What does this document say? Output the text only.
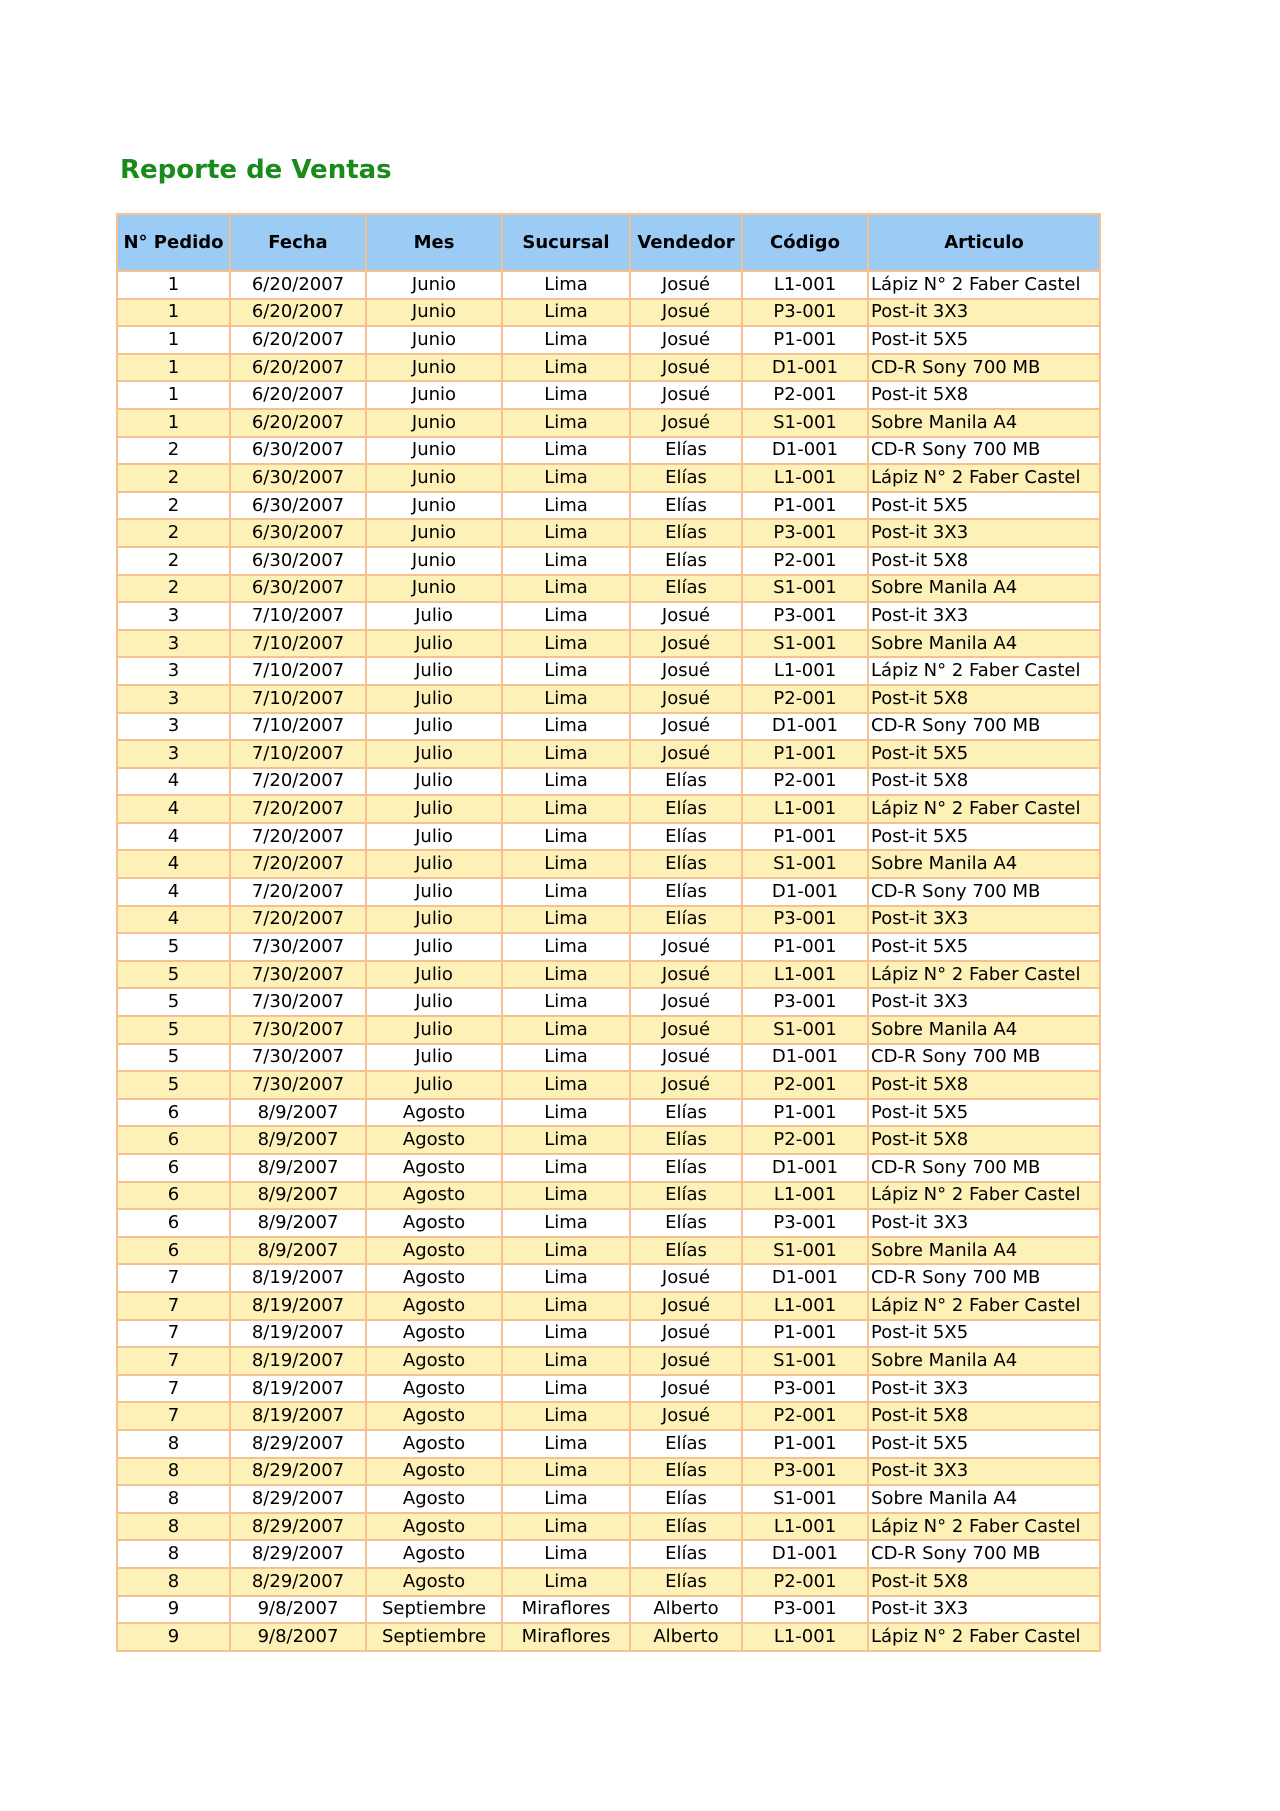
Reporte de Ventas
N° Pedido	Fecha	Mes	Sucursal	Vendedor	Código	Articulo
1	6/20/2007	Junio	Lima	Josué	L1-001	Lápiz N° 2 Faber Castel
1	6/20/2007	Junio	Lima	Josué	P3-001	Post-it 3X3
1	6/20/2007	Junio	Lima	Josué	P1-001	Post-it 5X5
1	6/20/2007	Junio	Lima	Josué	D1-001	CD-R Sony 700 MB
1	6/20/2007	Junio	Lima	Josué	P2-001	Post-it 5X8
1	6/20/2007	Junio	Lima	Josué	S1-001	Sobre Manila A4
2	6/30/2007	Junio	Lima	Elías	D1-001	CD-R Sony 700 MB
2	6/30/2007	Junio	Lima	Elías	L1-001	Lápiz N° 2 Faber Castel
2	6/30/2007	Junio	Lima	Elías	P1-001	Post-it 5X5
2	6/30/2007	Junio	Lima	Elías	P3-001	Post-it 3X3
2	6/30/2007	Junio	Lima	Elías	P2-001	Post-it 5X8
2	6/30/2007	Junio	Lima	Elías	S1-001	Sobre Manila A4
3	7/10/2007	Julio	Lima	Josué	P3-001	Post-it 3X3
3	7/10/2007	Julio	Lima	Josué	S1-001	Sobre Manila A4
3	7/10/2007	Julio	Lima	Josué	L1-001	Lápiz N° 2 Faber Castel
3	7/10/2007	Julio	Lima	Josué	P2-001	Post-it 5X8
3	7/10/2007	Julio	Lima	Josué	D1-001	CD-R Sony 700 MB
3	7/10/2007	Julio	Lima	Josué	P1-001	Post-it 5X5
4	7/20/2007	Julio	Lima	Elías	P2-001	Post-it 5X8
4	7/20/2007	Julio	Lima	Elías	L1-001	Lápiz N° 2 Faber Castel
4	7/20/2007	Julio	Lima	Elías	P1-001	Post-it 5X5
4	7/20/2007	Julio	Lima	Elías	S1-001	Sobre Manila A4
4	7/20/2007	Julio	Lima	Elías	D1-001	CD-R Sony 700 MB
4	7/20/2007	Julio	Lima	Elías	P3-001	Post-it 3X3
5	7/30/2007	Julio	Lima	Josué	P1-001	Post-it 5X5
5	7/30/2007	Julio	Lima	Josué	L1-001	Lápiz N° 2 Faber Castel
5	7/30/2007	Julio	Lima	Josué	P3-001	Post-it 3X3
5	7/30/2007	Julio	Lima	Josué	S1-001	Sobre Manila A4
5	7/30/2007	Julio	Lima	Josué	D1-001	CD-R Sony 700 MB
5	7/30/2007	Julio	Lima	Josué	P2-001	Post-it 5X8
6	8/9/2007	Agosto	Lima	Elías	P1-001	Post-it 5X5
6	8/9/2007	Agosto	Lima	Elías	P2-001	Post-it 5X8
6	8/9/2007	Agosto	Lima	Elías	D1-001	CD-R Sony 700 MB
6	8/9/2007	Agosto	Lima	Elías	L1-001	Lápiz N° 2 Faber Castel
6	8/9/2007	Agosto	Lima	Elías	P3-001	Post-it 3X3
6	8/9/2007	Agosto	Lima	Elías	S1-001	Sobre Manila A4
7	8/19/2007	Agosto	Lima	Josué	D1-001	CD-R Sony 700 MB
7	8/19/2007	Agosto	Lima	Josué	L1-001	Lápiz N° 2 Faber Castel
7	8/19/2007	Agosto	Lima	Josué	P1-001	Post-it 5X5
7	8/19/2007	Agosto	Lima	Josué	S1-001	Sobre Manila A4
7	8/19/2007	Agosto	Lima	Josué	P3-001	Post-it 3X3
7	8/19/2007	Agosto	Lima	Josué	P2-001	Post-it 5X8
8	8/29/2007	Agosto	Lima	Elías	P1-001	Post-it 5X5
8	8/29/2007	Agosto	Lima	Elías	P3-001	Post-it 3X3
8	8/29/2007	Agosto	Lima	Elías	S1-001	Sobre Manila A4
8	8/29/2007	Agosto	Lima	Elías	L1-001	Lápiz N° 2 Faber Castel
8	8/29/2007	Agosto	Lima	Elías	D1-001	CD-R Sony 700 MB
8	8/29/2007	Agosto	Lima	Elías	P2-001	Post-it 5X8
9	9/8/2007	Septiembre	Miraflores	Alberto	P3-001	Post-it 3X3
9	9/8/2007	Septiembre	Miraflores	Alberto	L1-001	Lápiz N° 2 Faber Castel
